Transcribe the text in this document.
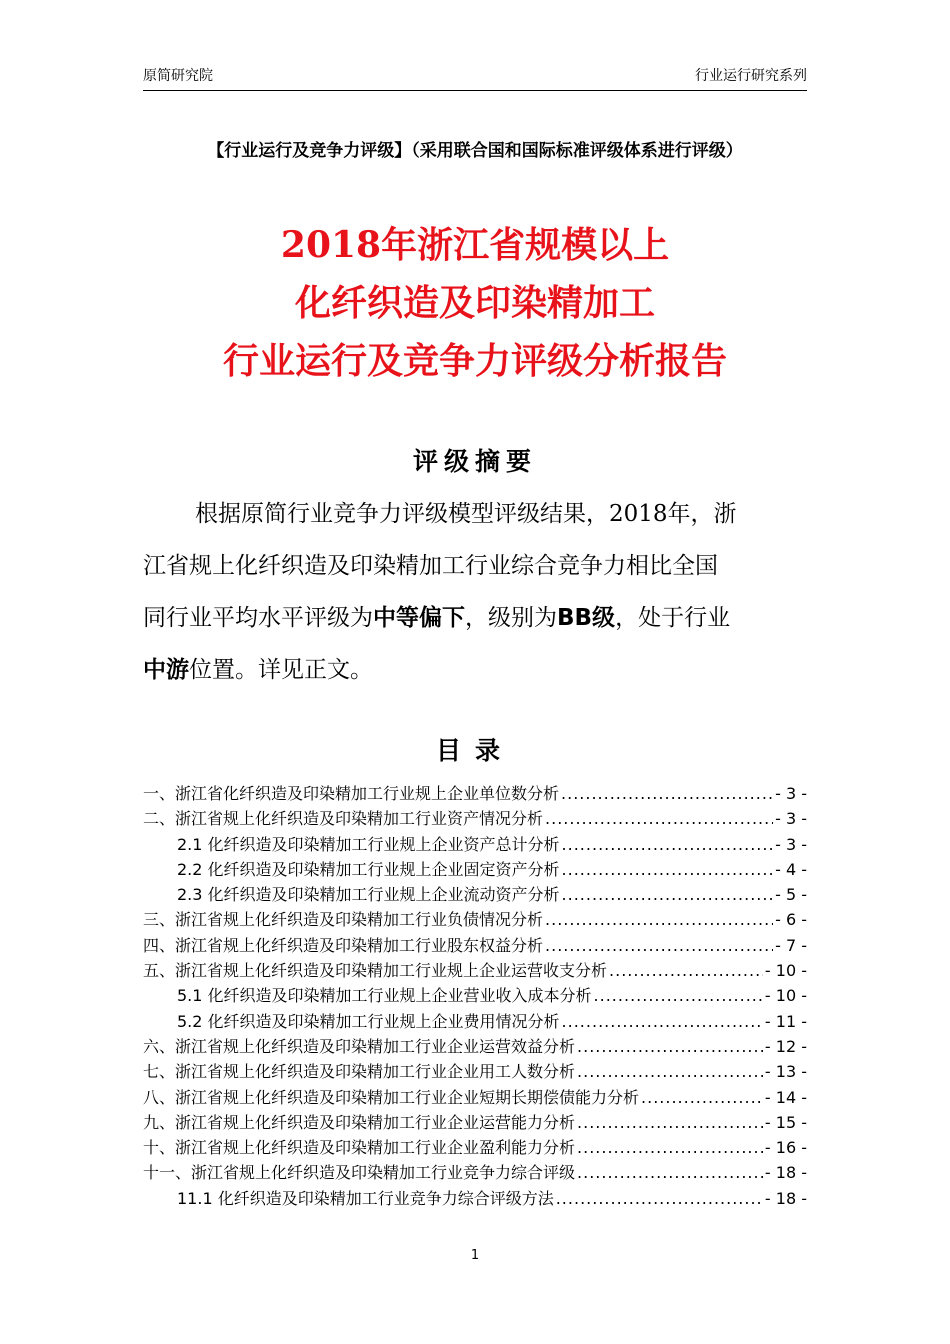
原简研究院	行业运行研究系列
【行业运行及竞争力评级】（采用联合国和国际标准评级体系进行评级）
2018年浙江省规模以上
化纤织造及印染精加工
行业运行及竞争力评级分析报告
评级摘要
根据原简行业竞争力评级模型评级结果，2018年，浙
江省规上化纤织造及印染精加工行业综合竞争力相比全国
同行业平均水平评级为中等偏下，级别为BB级，处于行业
中游位置。详见正文。
目录
一、浙江省化纤织造及印染精加工行业规上企业单位数分析 .....	- 3 -
二、浙江省规上化纤织造及印染精加工行业资产情况分析 .....	- 3 -
2.1 化纤织造及印染精加工行业规上企业资产总计分析 .....	- 3 -
2.2 化纤织造及印染精加工行业规上企业固定资产分析 .....	- 4 -
2.3 化纤织造及印染精加工行业规上企业流动资产分析 .....	- 5 -
三、浙江省规上化纤织造及印染精加工行业负债情况分析 .....	- 6 -
四、浙江省规上化纤织造及印染精加工行业股东权益分析 .....	- 7 -
五、浙江省规上化纤织造及印染精加工行业规上企业运营收支分析 .....	- 10 -
5.1 化纤织造及印染精加工行业规上企业营业收入成本分析 .....	- 10 -
5.2 化纤织造及印染精加工行业规上企业费用情况分析 .....	- 11 -
六、浙江省规上化纤织造及印染精加工行业企业运营效益分析 .....	- 12 -
七、浙江省规上化纤织造及印染精加工行业企业用工人数分析 .....	- 13 -
八、浙江省规上化纤织造及印染精加工行业企业短期长期偿债能力分析 .....	- 14 -
九、浙江省规上化纤织造及印染精加工行业企业运营能力分析 .....	- 15 -
十、浙江省规上化纤织造及印染精加工行业企业盈利能力分析 .....	- 16 -
十一、浙江省规上化纤织造及印染精加工行业竞争力综合评级 .....	- 18 -
11.1 化纤织造及印染精加工行业竞争力综合评级方法 .....	- 18 -
1
